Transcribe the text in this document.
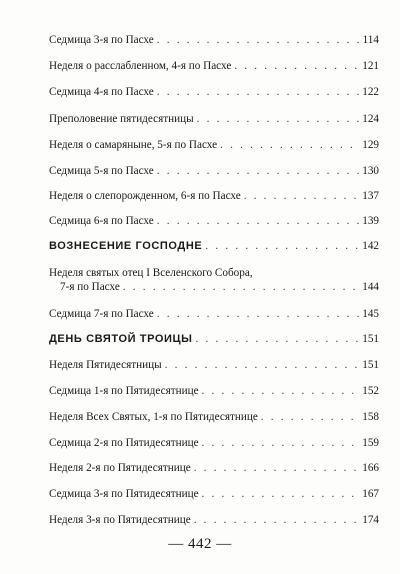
Седмица 3-я по Пасхе . . .	114
Неделя о расслабленном, 4-я по Пасхе . . .	121
Седмица 4-я по Пасхе . . .	122
Преполовение пятидесятницы . . .	124
Неделя о самаряныне, 5-я по Пасхе . . .	129
Седмица 5-я по Пасхе . . .	130
Неделя о слепорожденном, 6-я по Пасхе . . .	137
Седмица 6-я по Пасхе . . .	139
ВОЗНЕСЕНИЕ ГОСПОДНЕ . . .	142
Неделя святых отец I Вселенского Собора,
7-я по Пасхе . . .	144
Седмица 7-я по Пасхе . . .	145
ДЕНЬ СВЯТОЙ ТРОИЦЫ . . .	151
Неделя Пятидесятницы . . .	151
Седмица 1-я по Пятидесятнице . . .	152
Неделя Всех Святых, 1-я по Пятидесятнице . . .	158
Седмица 2-я по Пятидесятнице . . .	159
Неделя 2-я по Пятидесятнице . . .	166
Седмица 3-я по Пятидесятнице . . .	167
Неделя 3-я по Пятидесятнице . . .	174
— 442 —
